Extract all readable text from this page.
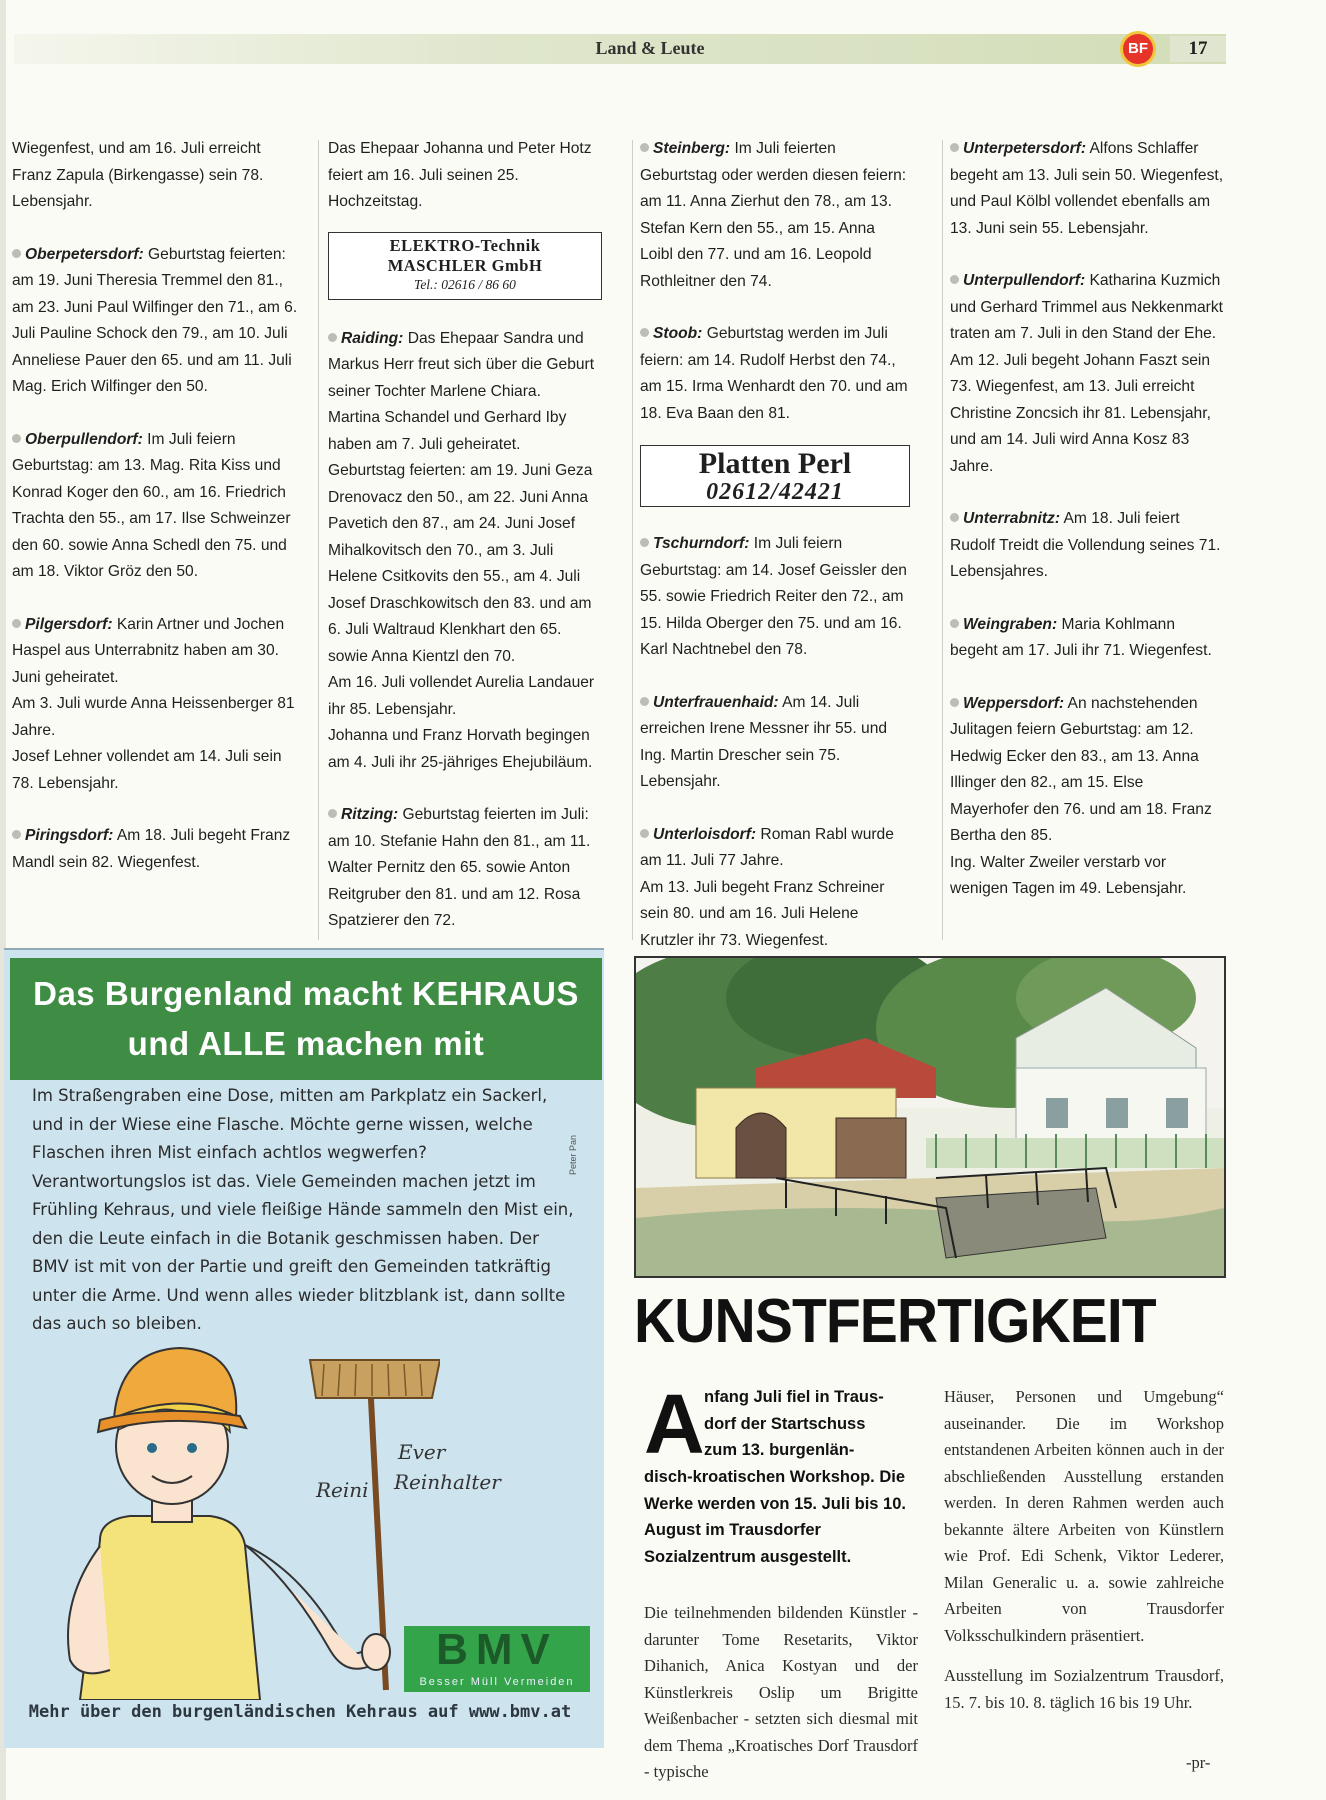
Land & Leute	BF	17

Wiegenfest, und am 16. Juli erreicht Franz Zapula (Birkengasse) sein 78. Lebensjahr.

Oberpetersdorf: Geburtstag feierten: am 19. Juni Theresia Tremmel den 81., am 23. Juni Paul Wilfinger den 71., am 6. Juli Pauline Schock den 79., am 10. Juli Anneliese Pauer den 65. und am 11. Juli Mag. Erich Wilfinger den 50.

Oberpullendorf: Im Juli feiern Geburtstag: am 13. Mag. Rita Kiss und Konrad Koger den 60., am 16. Friedrich Trachta den 55., am 17. Ilse Schweinzer den 60. sowie Anna Schedl den 75. und am 18. Viktor Gröz den 50.

Pilgersdorf: Karin Artner und Jochen Haspel aus Unterrabnitz haben am 30. Juni geheiratet.

Am 3. Juli wurde Anna Heissenberger 81 Jahre.

Josef Lehner vollendet am 14. Juli sein 78. Lebensjahr.

Piringsdorf: Am 18. Juli begeht Franz Mandl sein 82. Wiegenfest.

Das Ehepaar Johanna und Peter Hotz feiert am 16. Juli seinen 25. Hochzeitstag.

ELEKTRO-Technik
MASCHLER GmbH
Tel.: 02616 / 86 60

Raiding: Das Ehepaar Sandra und Markus Herr freut sich über die Geburt seiner Tochter Marlene Chiara.

Martina Schandel und Gerhard Iby haben am 7. Juli geheiratet.

Geburtstag feierten: am 19. Juni Geza Drenovacz den 50., am 22. Juni Anna Pavetich den 87., am 24. Juni Josef Mihalkovitsch den 70., am 3. Juli Helene Csitkovits den 55., am 4. Juli Josef Draschkowitsch den 83. und am 6. Juli Waltraud Klenkhart den 65. sowie Anna Kientzl den 70.

Am 16. Juli vollendet Aurelia Landauer ihr 85. Lebensjahr.

Johanna und Franz Horvath begingen am 4. Juli ihr 25-jähriges Ehejubiläum.

Ritzing: Geburtstag feierten im Juli: am 10. Stefanie Hahn den 81., am 11. Walter Pernitz den 65. sowie Anton Reitgruber den 81. und am 12. Rosa Spatzierer den 72.

Steinberg: Im Juli feierten Geburtstag oder werden diesen feiern: am 11. Anna Zierhut den 78., am 13. Stefan Kern den 55., am 15. Anna Loibl den 77. und am 16. Leopold Rothleitner den 74.

Stoob: Geburtstag werden im Juli feiern: am 14. Rudolf Herbst den 74., am 15. Irma Wenhardt den 70. und am 18. Eva Baan den 81.

Platten Perl
02612/42421

Tschurndorf: Im Juli feiern Geburtstag: am 14. Josef Geissler den 55. sowie Friedrich Reiter den 72., am 15. Hilda Oberger den 75. und am 16. Karl Nachtnebel den 78.

Unterfrauenhaid: Am 14. Juli erreichen Irene Messner ihr 55. und Ing. Martin Drescher sein 75. Lebensjahr.

Unterloisdorf: Roman Rabl wurde am 11. Juli 77 Jahre.

Am 13. Juli begeht Franz Schreiner sein 80. und am 16. Juli Helene Krutzler ihr 73. Wiegenfest.

Unterpetersdorf: Alfons Schlaffer begeht am 13. Juli sein 50. Wiegenfest, und Paul Kölbl vollendet ebenfalls am 13. Juni sein 55. Lebensjahr.

Unterpullendorf: Katharina Kuzmich und Gerhard Trimmel aus Nekkenmarkt traten am 7. Juli in den Stand der Ehe.

Am 12. Juli begeht Johann Faszt sein 73. Wiegenfest, am 13. Juli erreicht Christine Zoncsich ihr 81. Lebensjahr, und am 14. Juli wird Anna Kosz 83 Jahre.

Unterrabnitz: Am 18. Juli feiert Rudolf Treidt die Vollendung seines 71. Lebensjahres.

Weingraben: Maria Kohlmann begeht am 17. Juli ihr 71. Wiegenfest.

Weppersdorf: An nachstehenden Julitagen feiern Geburtstag: am 12. Hedwig Ecker den 83., am 13. Anna Illinger den 82., am 15. Else Mayerhofer den 76. und am 18. Franz Bertha den 85.

Ing. Walter Zweiler verstarb vor wenigen Tagen im 49. Lebensjahr.

Das Burgenland macht KEHRAUS
und ALLE machen mit
Im Straßengraben eine Dose, mitten am Parkplatz ein Sackerl, und in der Wiese eine Flasche. Möchte gerne wissen, welche Flaschen ihren Mist einfach achtlos wegwerfen? Verantwortungslos ist das. Viele Gemeinden machen jetzt im Frühling Kehraus, und viele fleißige Hände sammeln den Mist ein, den die Leute einfach in die Botanik geschmissen haben. Der BMV ist mit von der Partie und greift den Gemeinden tatkräftig unter die Arme. Und wenn alles wieder blitzblank ist, dann sollte das auch so bleiben.
Peter Pan
Ever
Reini Reinhalter
BMV
Besser Müll Vermeiden
Mehr über den burgenländischen Kehraus auf www.bmv.at
KUNSTFERTIGKEIT
A nfang Juli fiel in Traus-
dorf der Startschuss
zum 13. burgenlän-
disch-kroatischen Workshop. Die Werke werden von 15. Juli bis 10. August im Trausdorfer Sozialzentrum ausgestellt.
Die teilnehmenden bildenden Künstler - darunter Tome Resetarits, Viktor Dihanich, Anica Kostyan und der Künstlerkreis Oslip um Brigitte Weißenbacher - setzten sich diesmal mit dem Thema „Kroatisches Dorf Trausdorf - typische

Häuser, Personen und Umgebung“ auseinander. Die im Workshop entstandenen Arbeiten können auch in der abschließenden Ausstellung erstanden werden. In deren Rahmen werden auch bekannte ältere Arbeiten von Künstlern wie Prof. Edi Schenk, Viktor Lederer, Milan Generalic u. a. sowie zahlreiche Arbeiten von Trausdorfer Volksschulkindern präsentiert.

Ausstellung im Sozialzentrum Trausdorf, 15. 7. bis 10. 8. täglich 16 bis 19 Uhr.

-pr-
